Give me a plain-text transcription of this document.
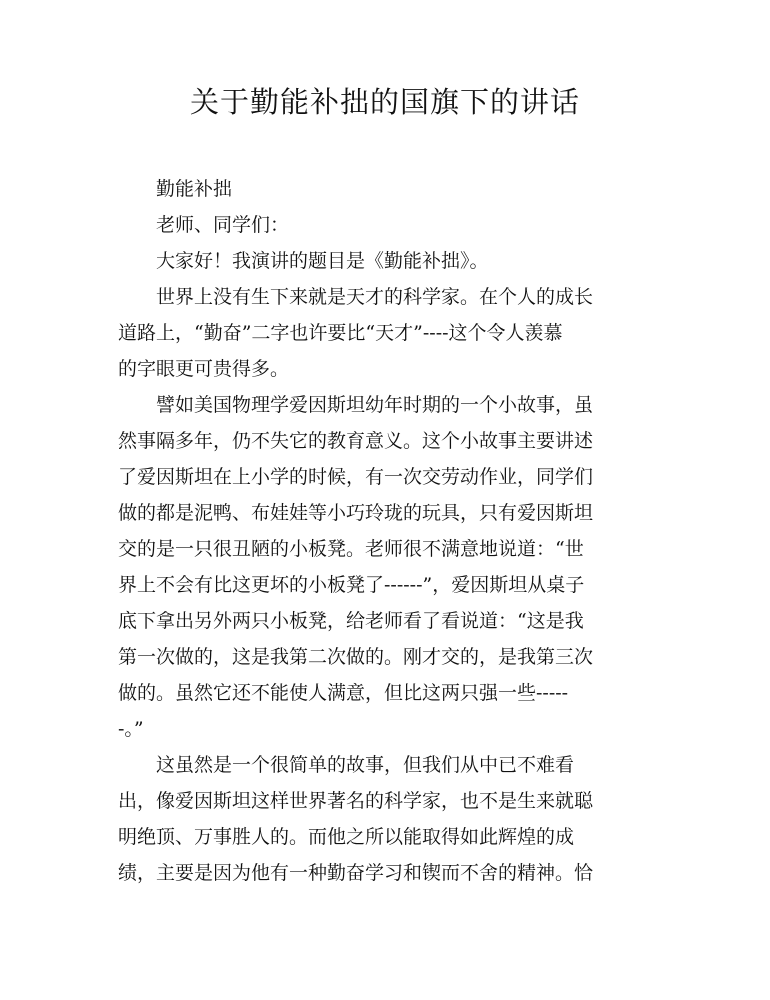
关于勤能补拙的国旗下的讲话

勤能补拙

老师、同学们：

大家好！我演讲的题目是《勤能补拙》。

世界上没有生下来就是天才的科学家。在个人的成长
道路上，“勤奋”二字也许要比“天才”----这个令人羡慕
的字眼更可贵得多。

譬如美国物理学爱因斯坦幼年时期的一个小故事，虽
然事隔多年，仍不失它的教育意义。这个小故事主要讲述
了爱因斯坦在上小学的时候，有一次交劳动作业，同学们
做的都是泥鸭、布娃娃等小巧玲珑的玩具，只有爱因斯坦
交的是一只很丑陋的小板凳。老师很不满意地说道：“世
界上不会有比这更坏的小板凳了------”，爱因斯坦从桌子
底下拿出另外两只小板凳，给老师看了看说道：“这是我
第一次做的，这是我第二次做的。刚才交的，是我第三次
做的。虽然它还不能使人满意，但比这两只强一些-----
-。”

这虽然是一个很简单的故事，但我们从中已不难看
出，像爱因斯坦这样世界著名的科学家，也不是生来就聪
明绝顶、万事胜人的。而他之所以能取得如此辉煌的成
绩，主要是因为他有一种勤奋学习和锲而不舍的精神。恰
